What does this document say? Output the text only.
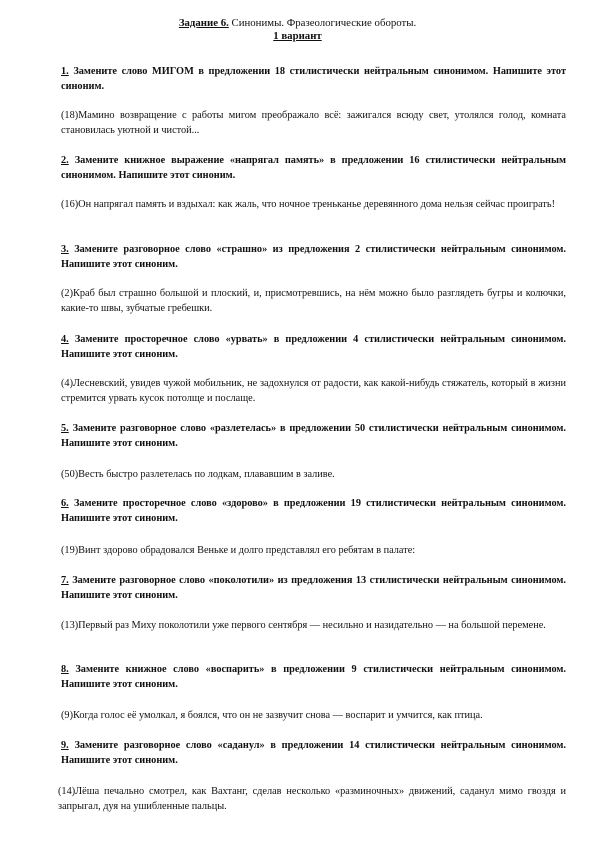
Задание 6. Синонимы. Фразеологические обороты.
1 вариант

1. Замените слово МИГОМ в предложении 18 стилистически нейтральным синонимом. Напишите этот синоним.

(18)Мамино возвращение с работы мигом преображало всё: зажигался всюду свет, утолялся голод, комната становилась уютной и чистой...

2. Замените книжное выражение «напрягал память» в предложении 16 стилистически нейтральным синонимом. Напишите этот синоним.

(16)Он напрягал память и вздыхал: как жаль, что ночное треньканье деревянного дома нельзя сейчас проиграть!

3. Замените разговорное слово «страшно» из предложения 2 стилистически нейтральным синонимом. Напишите этот синоним.

(2)Краб был страшно большой и плоский, и, присмотревшись, на нём можно было разглядеть бугры и колючки, какие-то швы, зубчатые гребешки.

4. Замените просторечное слово «урвать» в предложении 4 стилистически нейтральным синонимом. Напишите этот синоним.

(4)Лесневский, увидев чужой мобильник, не задохнулся от радости, как какой-нибудь стяжатель, который в жизни стремится урвать кусок потолще и послаще.

5. Замените разговорное слово «разлетелась» в предложении 50 стилистически нейтральным синонимом. Напишите этот синоним.

(50)Весть быстро разлетелась по лодкам, плававшим в заливе.

6. Замените просторечное слово «здорово» в предложении 19 стилистически нейтральным синонимом. Напишите этот синоним.

(19)Винт здорово обрадовался Веньке и долго представлял его ребятам в палате:

7. Замените разговорное слово «поколотили» из предложения 13 стилистически нейтральным синонимом. Напишите этот синоним.

(13)Первый раз Миху поколотили уже первого сентября — несильно и назидательно — на большой перемене.

8. Замените книжное слово «воспарить» в предложении 9 стилистически нейтральным синонимом. Напишите этот синоним.

(9)Когда голос её умолкал, я боялся, что он не зазвучит снова — воспарит и умчится, как птица.

9. Замените разговорное слово «саданул» в предложении 14 стилистически нейтральным синонимом. Напишите этот синоним.

(14)Лёша печально смотрел, как Вахтанг, сделав несколько «разминочных» движений, саданул мимо гвоздя и запрыгал, дуя на ушибленные пальцы.
